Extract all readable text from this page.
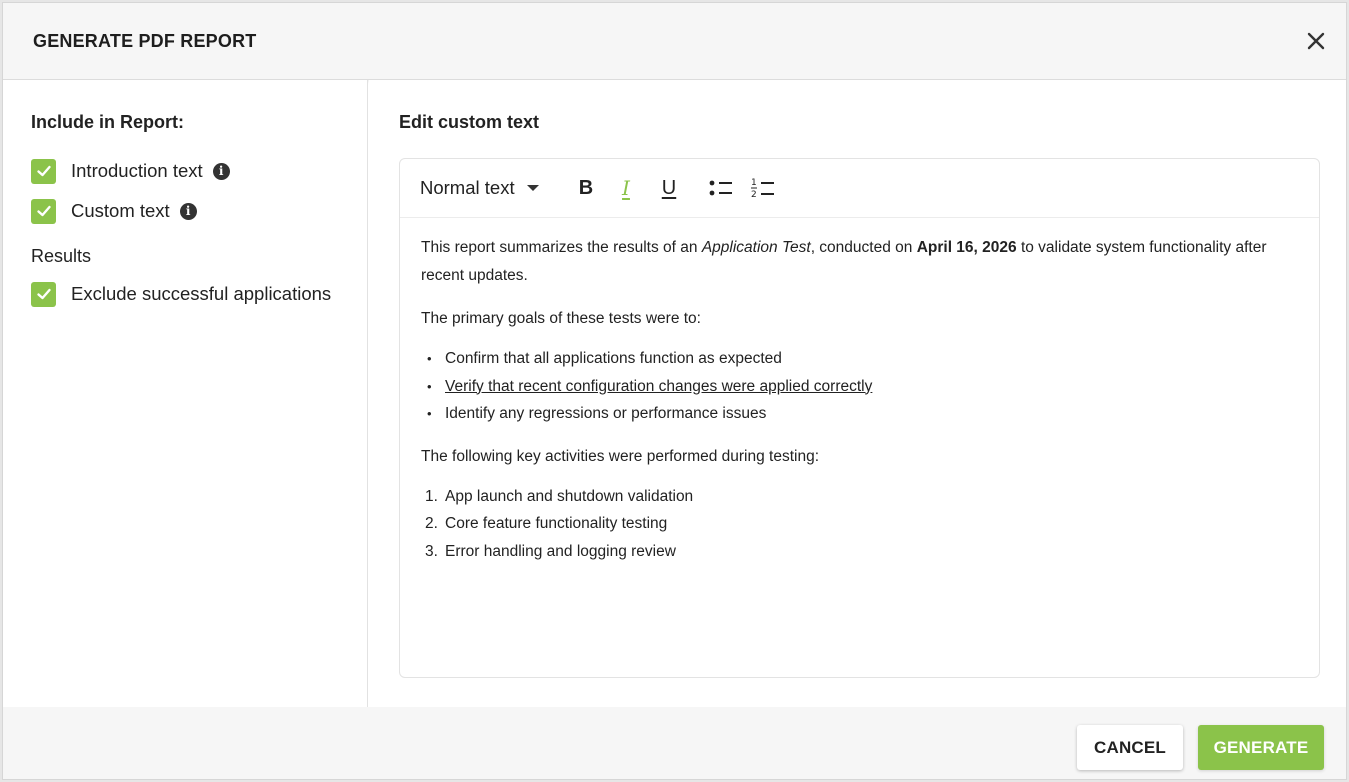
GENERATE PDF REPORT
Include in Report:
Introduction text	i
Custom text	i
Results
Exclude successful applications
Edit custom text
Normal text	B	I	U	1
2

This report summarizes the results of an Application Test, conducted on April 16, 2026 to validate system functionality after recent updates.

The primary goals of these tests were to:

• Confirm that all applications function as expected
• Verify that recent configuration changes were applied correctly
• Identify any regressions or performance issues

The following key activities were performed during testing:

1. App launch and shutdown validation
2. Core feature functionality testing
3. Error handling and logging review
CANCEL	GENERATE
